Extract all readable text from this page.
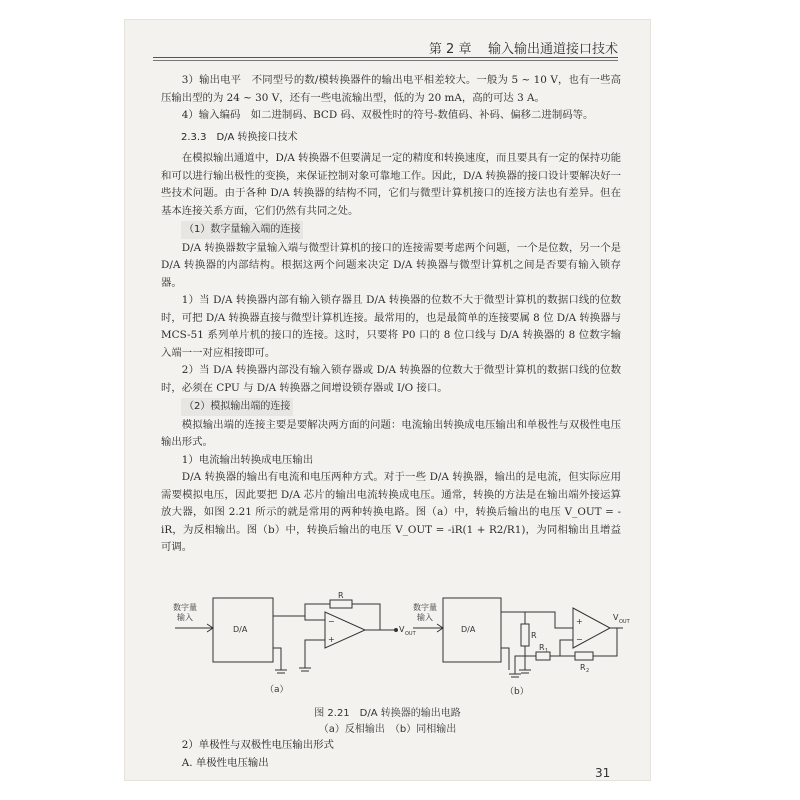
第 2 章 输入输出通道接口技术

3）输出电平　不同型号的数/模转换器件的输出电平相差较大。一般为 5 ~ 10 V，也有一些高压输出型的为 24 ~ 30 V，还有一些电流输出型，低的为 20 mA，高的可达 3 A。

4）输入编码　如二进制码、BCD 码、双极性时的符号-数值码、补码、偏移二进制码等。

2.3.3　D/A 转换接口技术

在模拟输出通道中，D/A 转换器不但要满足一定的精度和转换速度，而且要具有一定的保持功能和可以进行输出极性的变换，来保证控制对象可靠地工作。因此，D/A 转换器的接口设计要解决好一些技术问题。由于各种 D/A 转换器的结构不同，它们与微型计算机接口的连接方法也有差异。但在基本连接关系方面，它们仍然有共同之处。

（1）数字量输入端的连接

D/A 转换器数字量输入端与微型计算机的接口的连接需要考虑两个问题，一个是位数，另一个是 D/A 转换器的内部结构。根据这两个问题来决定 D/A 转换器与微型计算机之间是否要有输入锁存器。

1）当 D/A 转换器内部有输入锁存器且 D/A 转换器的位数不大于微型计算机的数据口线的位数时，可把 D/A 转换器直接与微型计算机连接。最常用的，也是最简单的连接要属 8 位 D/A 转换器与 MCS-51 系列单片机的接口的连接。这时，只要将 P0 口的 8 位口线与 D/A 转换器的 8 位数字输入端一一对应相接即可。

2）当 D/A 转换器内部没有输入锁存器或 D/A 转换器的位数大于微型计算机的数据口线的位数时，必须在 CPU 与 D/A 转换器之间增设锁存器或 I/O 接口。

（2）模拟输出端的连接

模拟输出端的连接主要是要解决两方面的问题：电流输出转换成电压输出和单极性与双极性电压输出形式。

1）电流输出转换成电压输出

D/A 转换器的输出有电流和电压两种方式。对于一些 D/A 转换器，输出的是电流，但实际应用需要模拟电压，因此要把 D/A 芯片的输出电流转换成电压。通常，转换的方法是在输出端外接运算放大器，如图 2.21 所示的就是常用的两种转换电路。图（a）中，转换后输出的电压 V_OUT = -iR，为反相输出。图（b）中，转换后输出的电压 V_OUT = -iR(1 + R2/R1)，为同相输出且增益可调。

数字量
输入
D/A
R
−
+
V OUT
（a）
数字量
输入
D/A
R
+
−
V OUT
R 1
R 2
（b）
图 2.21　D/A 转换器的输出电路
（a）反相输出　（b）同相输出

2）单极性与双极性电压输出形式

A. 单极性电压输出

31
